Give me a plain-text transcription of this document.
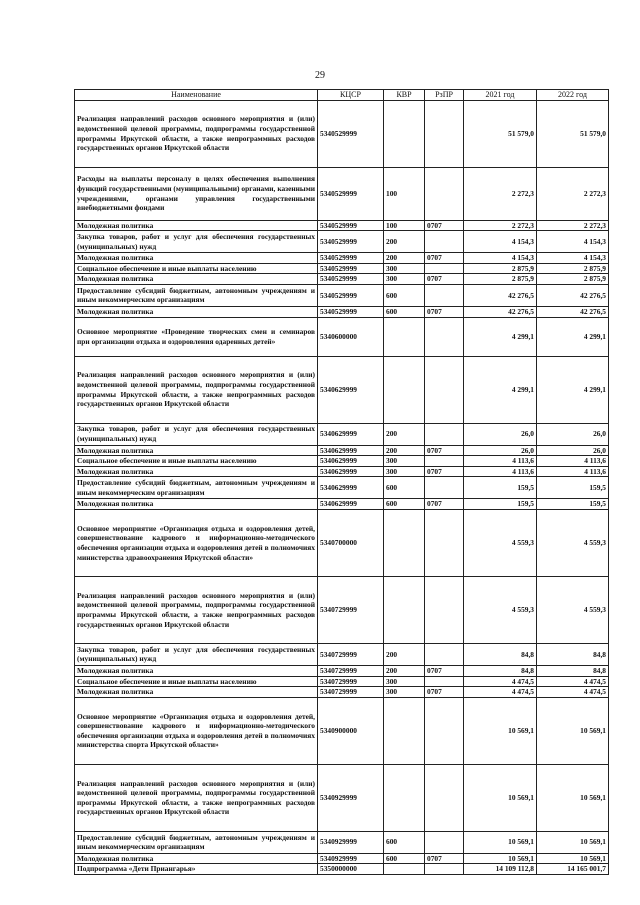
29
Наименование	КЦСР	КВР	РзПР	2021 год	2022 год
Реализация направлений расходов основного мероприятия и (или) ведомственной целевой программы, подпрограммы государственной программы Иркутской области, а также непрограммных расходов государственных органов Иркутской области	5340529999			51 579,0	51 579,0
Расходы на выплаты персоналу в целях обеспечения выполнения функций государственными (муниципальными) органами, казенными учреждениями, органами управления государственными внебюджетными фондами	5340529999	100		2 272,3	2 272,3
Молодежная политика	5340529999	100	0707	2 272,3	2 272,3
Закупка товаров, работ и услуг для обеспечения государственных (муниципальных) нужд	5340529999	200		4 154,3	4 154,3
Молодежная политика	5340529999	200	0707	4 154,3	4 154,3
Социальное обеспечение и иные выплаты населению	5340529999	300		2 875,9	2 875,9
Молодежная политика	5340529999	300	0707	2 875,9	2 875,9
Предоставление субсидий бюджетным, автономным учреждениям и иным некоммерческим организациям	5340529999	600		42 276,5	42 276,5
Молодежная политика	5340529999	600	0707	42 276,5	42 276,5
Основное мероприятие «Проведение творческих смен и семинаров при организации отдыха и оздоровления одаренных детей»	5340600000			4 299,1	4 299,1
Реализация направлений расходов основного мероприятия и (или) ведомственной целевой программы, подпрограммы государственной программы Иркутской области, а также непрограммных расходов государственных органов Иркутской области	5340629999			4 299,1	4 299,1
Закупка товаров, работ и услуг для обеспечения государственных (муниципальных) нужд	5340629999	200		26,0	26,0
Молодежная политика	5340629999	200	0707	26,0	26,0
Социальное обеспечение и иные выплаты населению	5340629999	300		4 113,6	4 113,6
Молодежная политика	5340629999	300	0707	4 113,6	4 113,6
Предоставление субсидий бюджетным, автономным учреждениям и иным некоммерческим организациям	5340629999	600		159,5	159,5
Молодежная политика	5340629999	600	0707	159,5	159,5
Основное мероприятие «Организация отдыха и оздоровления детей, совершенствование кадрового и информационно-методического обеспечения организации отдыха и оздоровления детей в полномочиях министерства здравоохранения Иркутской области»	5340700000			4 559,3	4 559,3
Реализация направлений расходов основного мероприятия и (или) ведомственной целевой программы, подпрограммы государственной программы Иркутской области, а также непрограммных расходов государственных органов Иркутской области	5340729999			4 559,3	4 559,3
Закупка товаров, работ и услуг для обеспечения государственных (муниципальных) нужд	5340729999	200		84,8	84,8
Молодежная политика	5340729999	200	0707	84,8	84,8
Социальное обеспечение и иные выплаты населению	5340729999	300		4 474,5	4 474,5
Молодежная политика	5340729999	300	0707	4 474,5	4 474,5
Основное мероприятие «Организация отдыха и оздоровления детей, совершенствование кадрового и информационно-методического обеспечения организации отдыха и оздоровления детей в полномочиях министерства спорта Иркутской области»	5340900000			10 569,1	10 569,1
Реализация направлений расходов основного мероприятия и (или) ведомственной целевой программы, подпрограммы государственной программы Иркутской области, а также непрограммных расходов государственных органов Иркутской области	5340929999			10 569,1	10 569,1
Предоставление субсидий бюджетным, автономным учреждениям и иным некоммерческим организациям	5340929999	600		10 569,1	10 569,1
Молодежная политика	5340929999	600	0707	10 569,1	10 569,1
Подпрограмма «Дети Приангарья»	5350000000			14 109 112,8	14 165 001,7
